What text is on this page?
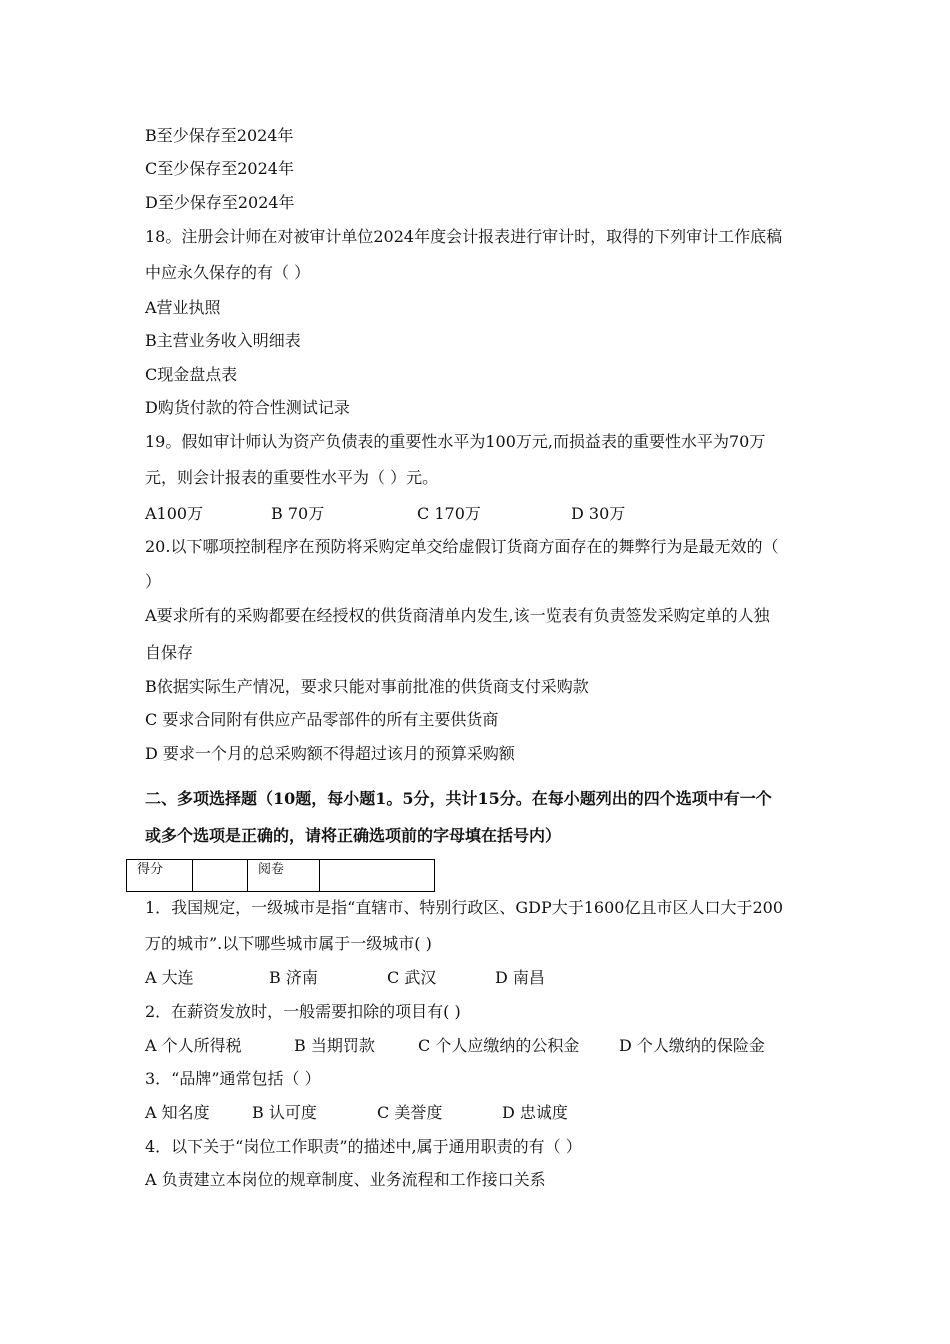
B至少保存至2024年
C至少保存至2024年
D至少保存至2024年
18。注册会计师在对被审计单位2024年度会计报表进行审计时，取得的下列审计工作底稿
中应永久保存的有（ ）
A营业执照
B主营业务收入明细表
C现金盘点表
D购货付款的符合性测试记录
19。假如审计师认为资产负债表的重要性水平为100万元,而损益表的重要性水平为70万
元，则会计报表的重要性水平为（ ）元。
A100万	B 70万	C 170万	D 30万
20.以下哪项控制程序在预防将采购定单交给虚假订货商方面存在的舞弊行为是最无效的（
）
A要求所有的采购都要在经授权的供货商清单内发生,该一览表有负责签发采购定单的人独
自保存
B依据实际生产情况，要求只能对事前批准的供货商支付采购款
C 要求合同附有供应产品零部件的所有主要供货商
D 要求一个月的总采购额不得超过该月的预算采购额
二、多项选择题（10题，每小题1。5分，共计15分。在每小题列出的四个选项中有一个
或多个选项是正确的，请将正确选项前的字母填在括号内）
得分		阅卷	
1．我国规定，一级城市是指“直辖市、特别行政区、GDP大于1600亿且市区人口大于200
万的城市”.以下哪些城市属于一级城市( )
A 大连	B 济南	C 武汉	D 南昌
2．在薪资发放时，一般需要扣除的项目有( )
A 个人所得税	B 当期罚款	C 个人应缴纳的公积金 D 个人缴纳的保险金
3．“品牌”通常包括（ ）
A 知名度	B 认可度	C 美誉度	D 忠诚度
4．以下关于“岗位工作职责”的描述中,属于通用职责的有（ ）
A 负责建立本岗位的规章制度、业务流程和工作接口关系
